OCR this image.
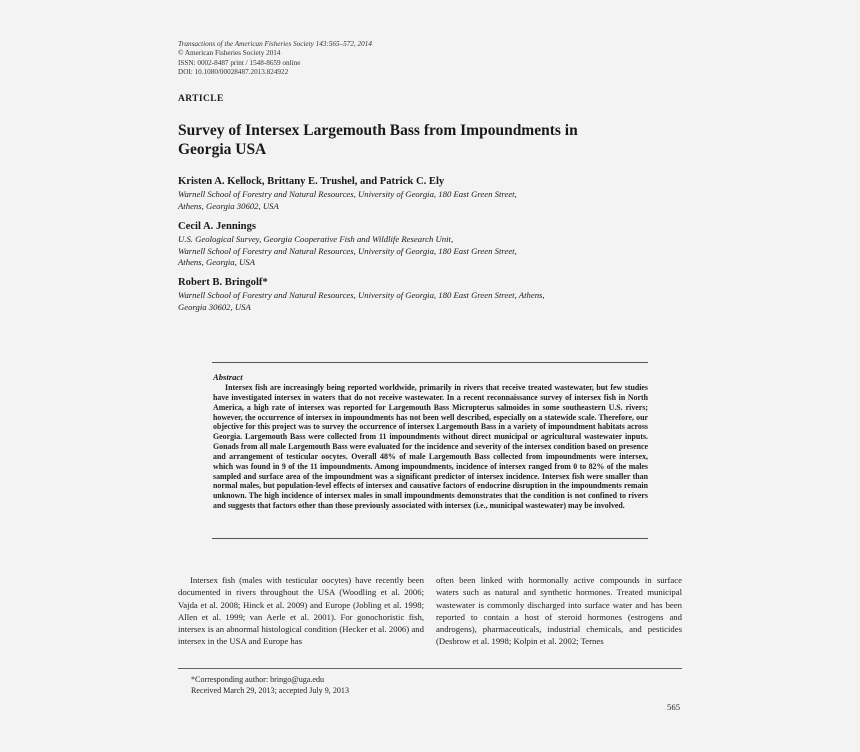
Transactions of the American Fisheries Society 143:565–572, 2014
© American Fisheries Society 2014
ISSN: 0002-8487 print / 1548-8659 online
DOI: 10.1080/00028487.2013.824922
ARTICLE
Survey of Intersex Largemouth Bass from Impoundments in Georgia USA
Kristen A. Kellock, Brittany E. Trushel, and Patrick C. Ely
Warnell School of Forestry and Natural Resources, University of Georgia, 180 East Green Street,
Athens, Georgia 30602, USA
Cecil A. Jennings
U.S. Geological Survey, Georgia Cooperative Fish and Wildlife Research Unit,
Warnell School of Forestry and Natural Resources, University of Georgia, 180 East Green Street,
Athens, Georgia, USA
Robert B. Bringolf*
Warnell School of Forestry and Natural Resources, University of Georgia, 180 East Green Street, Athens,
Georgia 30602, USA
Abstract
Intersex fish are increasingly being reported worldwide, primarily in rivers that receive treated wastewater, but few studies have investigated intersex in waters that do not receive wastewater. In a recent reconnaissance survey of intersex fish in North America, a high rate of intersex was reported for Largemouth Bass Micropterus salmoides in some southeastern U.S. rivers; however, the occurrence of intersex in impoundments has not been well described, especially on a statewide scale. Therefore, our objective for this project was to survey the occurrence of intersex Largemouth Bass in a variety of impoundment habitats across Georgia. Largemouth Bass were collected from 11 impoundments without direct municipal or agricultural wastewater inputs. Gonads from all male Largemouth Bass were evaluated for the incidence and severity of the intersex condition based on presence and arrangement of testicular oocytes. Overall 48% of male Largemouth Bass collected from impoundments were intersex, which was found in 9 of the 11 impoundments. Among impoundments, incidence of intersex ranged from 0 to 82% of the males sampled and surface area of the impoundment was a significant predictor of intersex incidence. Intersex fish were smaller than normal males, but population-level effects of intersex and causative factors of endocrine disruption in the impoundments remain unknown. The high incidence of intersex males in small impoundments demonstrates that the condition is not confined to rivers and suggests that factors other than those previously associated with intersex (i.e., municipal wastewater) may be involved.
Intersex fish (males with testicular oocytes) have recently been documented in rivers throughout the USA (Woodling et al. 2006; Vajda et al. 2008; Hinck et al. 2009) and Europe (Jobling et al. 1998; Allen et al. 1999; van Aerle et al. 2001). For gonochoristic fish, intersex is an abnormal histological condition (Hecker et al. 2006) and intersex in the USA and Europe has
often been linked with hormonally active compounds in surface waters such as natural and synthetic hormones. Treated municipal wastewater is commonly discharged into surface water and has been reported to contain a host of steroid hormones (estrogens and androgens), pharmaceuticals, industrial chemicals, and pesticides (Desbrow et al. 1998; Kolpin et al. 2002; Ternes
*Corresponding author: bringo@uga.edu
Received March 29, 2013; accepted July 9, 2013
565
